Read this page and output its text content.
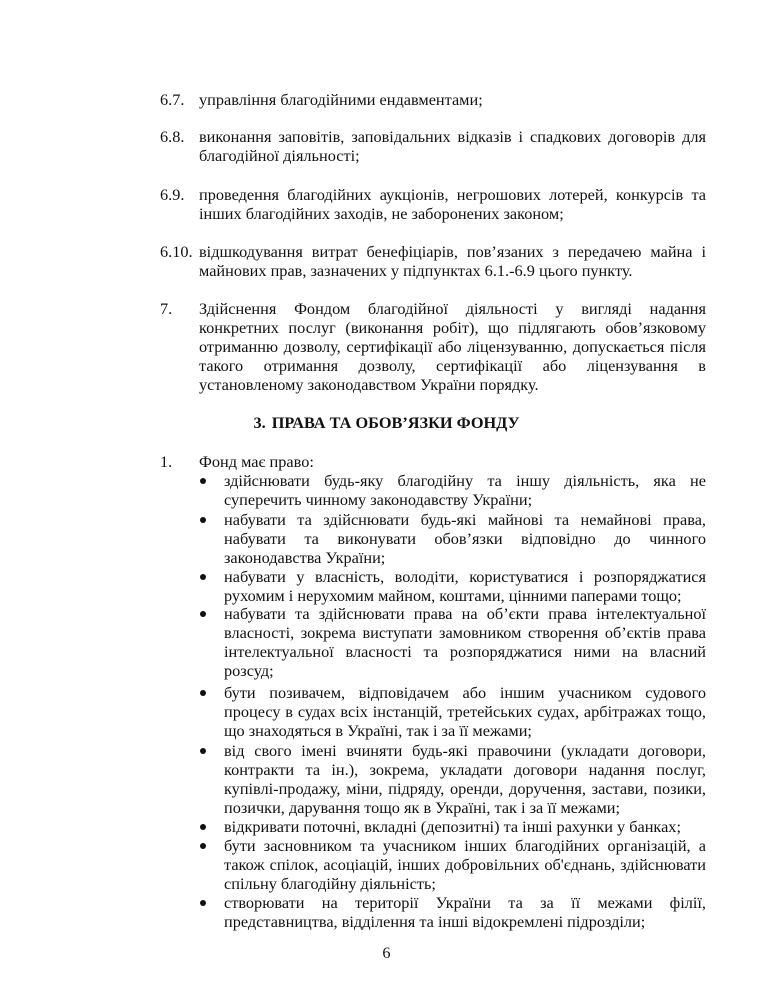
6.7. управління благодійними ендавментами;
6.8. виконання заповітів, заповідальних відказів і спадкових договорів для благодійної діяльності;
6.9. проведення благодійних аукціонів, негрошових лотерей, конкурсів та інших благодійних заходів, не заборонених законом;
6.10. відшкодування витрат бенефіціарів, пов’язаних з передачею майна і майнових прав, зазначених у підпунктах 6.1.-6.9 цього пункту.
7. Здійснення Фондом благодійної діяльності у вигляді надання конкретних послуг (виконання робіт), що підлягають обов’язковому отриманню дозволу, сертифікації або ліцензуванню, допускається після такого отримання дозволу, сертифікації або ліцензування в установленому законодавством України порядку.
3. ПРАВА ТА ОБОВ’ЯЗКИ ФОНДУ
1. Фонд має право:
здійснювати будь-яку благодійну та іншу діяльність, яка не суперечить чинному законодавству України;
набувати та здійснювати будь-які майнові та немайнові права, набувати та виконувати обов’язки відповідно до чинного законодавства України;
набувати у власність, володіти, користуватися і розпоряджатися рухомим і нерухомим майном, коштами, цінними паперами тощо;
набувати та здійснювати права на об’єкти права інтелектуальної власності, зокрема виступати замовником створення об’єктів права інтелектуальної власності та розпоряджатися ними на власний розсуд;
бути позивачем, відповідачем або іншим учасником судового процесу в судах всіх інстанцій, третейських судах, арбітражах тощо, що знаходяться в Україні, так і за її межами;
від свого імені вчиняти будь-які правочини (укладати договори, контракти та ін.), зокрема, укладати договори надання послуг, купівлі-продажу, міни, підряду, оренди, доручення, застави, позики, позички, дарування тощо як в Україні, так і за її межами;
відкривати поточні, вкладні (депозитні) та інші рахунки у банках;
бути засновником та учасником інших благодійних організацій, а також спілок, асоціацій, інших добровільних об'єднань, здійснювати спільну благодійну діяльність;
створювати на території України та за її межами філії, представництва, відділення та інші відокремлені підрозділи;
6
